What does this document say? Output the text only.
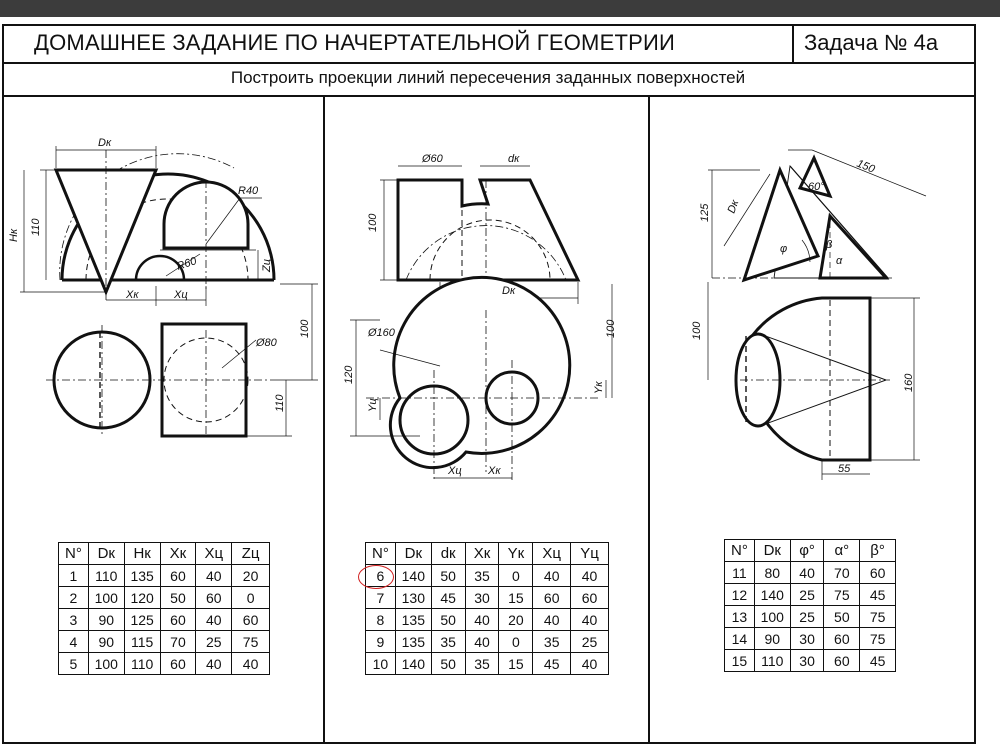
ДОМАШНЕЕ ЗАДАНИЕ ПО НАЧЕРТАТЕЛЬНОЙ ГЕОМЕТРИИ	Задача № 4а
Построить проекции линий пересечения заданных поверхностей
Dк
Hк 110
R40
R60	Zц
Xк	Xц
Ø80
100
110
Ø60	dк
100
Dк
Ø160	100
120
Yц
Yк
Xц Xк
150
60°
125 Dк
φ	β
α
100
160
55
N°	Dк	Hк	Xк	Xц	Zц
1	110	135	60	40	20
2	100	120	50	60	0
3	90	125	60	40	60
4	90	115	70	25	75
5	100	110	60	40	40
N°	Dк	dк	Xк	Yк	Xц	Yц
6	140	50	35	0	40	40
7	130	45	30	15	60	60
8	135	50	40	20	40	40
9	135	35	40	0	35	25
10	140	50	35	15	45	40
N°	Dк	φ°	α°	β°
11	80	40	70	60
12	140	25	75	45
13	100	25	50	75
14	90	30	60	75
15	110	30	60	45
